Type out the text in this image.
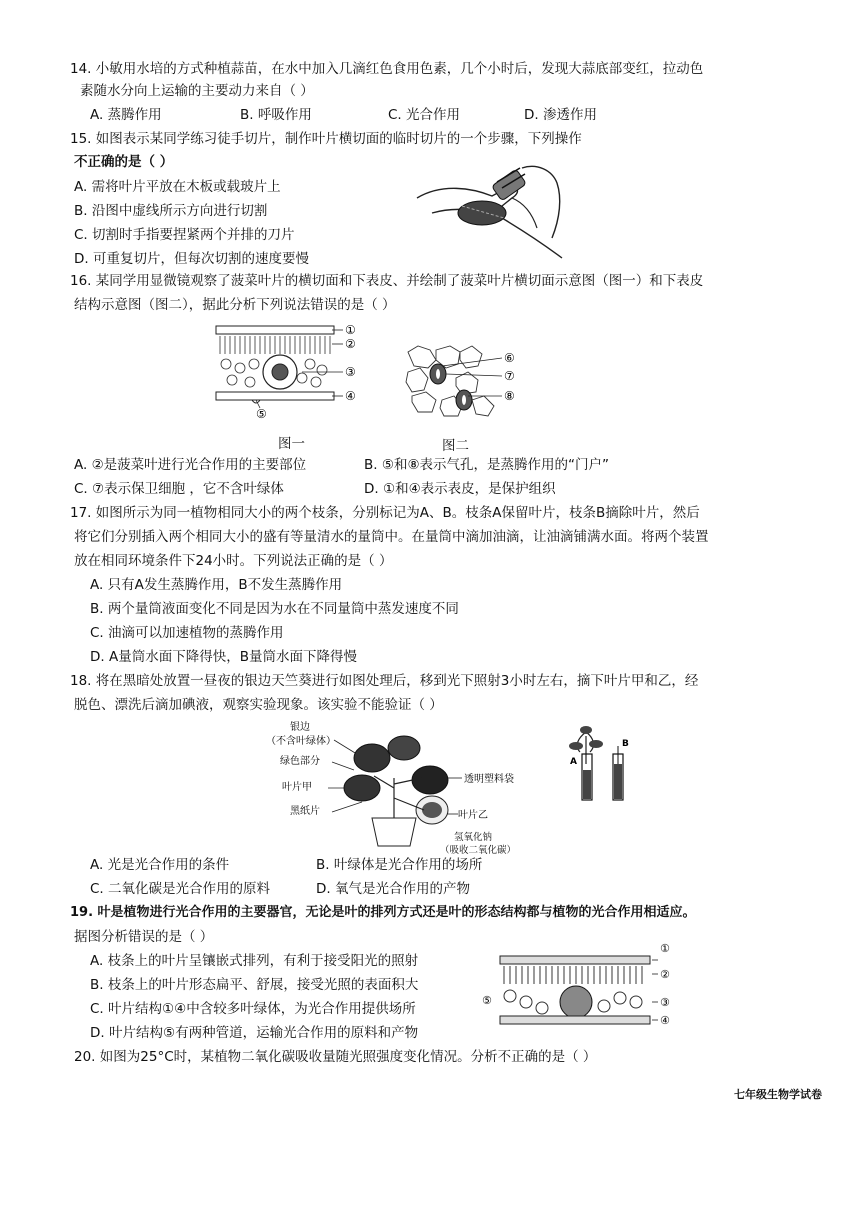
14. 小敏用水培的方式种植蒜苗，在水中加入几滴红色食用色素，几个小时后，发现大蒜底部变红，拉动色
素随水分向上运输的主要动力来自（ ）
A. 蒸腾作用	B. 呼吸作用	C. 光合作用	D. 渗透作用
15. 如图表示某同学练习徒手切片，制作叶片横切面的临时切片的一个步骤，下列操作
不正确的是（ ）
A. 需将叶片平放在木板或载玻片上
B. 沿图中虚线所示方向进行切割
C. 切割时手指要捏紧两个并排的刀片
D. 可重复切片，但每次切割的速度要慢
16. 某同学用显微镜观察了菠菜叶片的横切面和下表皮、并绘制了菠菜叶片横切面示意图（图一）和下表皮
结构示意图（图二），据此分析下列说法错误的是（ ）
①
②
③
④
⑤
图一
⑥
⑦
⑧
图二
A. ②是菠菜叶进行光合作用的主要部位	B. ⑤和⑧表示气孔，是蒸腾作用的“门户”
C. ⑦表示保卫细胞 ，它不含叶绿体	D. ①和④表示表皮，是保护组织
17. 如图所示为同一植物相同大小的两个枝条，分别标记为A、B。枝条A保留叶片，枝条B摘除叶片，然后
将它们分别插入两个相同大小的盛有等量清水的量筒中。在量筒中滴加油滴，让油滴铺满水面。将两个装置
放在相同环境条件下24小时。下列说法正确的是（ ）
A. 只有A发生蒸腾作用，B不发生蒸腾作用
B. 两个量筒液面变化不同是因为水在不同量筒中蒸发速度不同
C. 油滴可以加速植物的蒸腾作用
D. A量筒水面下降得快，B量筒水面下降得慢
18. 将在黑暗处放置一昼夜的银边天竺葵进行如图处理后，移到光下照射3小时左右，摘下叶片甲和乙，经
脱色、漂洗后滴加碘液，观察实验现象。该实验不能验证（ ）
银边
（不含叶绿体）
绿色部分
叶片甲
黑纸片
透明塑料袋
叶片乙
氢氧化钠
（吸收二氧化碳）
A
B
A. 光是光合作用的条件	B. 叶绿体是光合作用的场所
C. 二氧化碳是光合作用的原料	D. 氧气是光合作用的产物
19. 叶是植物进行光合作用的主要器官，无论是叶的排列方式还是叶的形态结构都与植物的光合作用相适应。
据图分析错误的是（ ）
A. 枝条上的叶片呈镶嵌式排列，有利于接受阳光的照射
B. 枝条上的叶片形态扁平、舒展，接受光照的表面积大
C. 叶片结构①④中含较多叶绿体，为光合作用提供场所
D. 叶片结构⑤有两种管道，运输光合作用的原料和产物
①
②
③
④
⑤
20. 如图为25°C时，某植物二氧化碳吸收量随光照强度变化情况。分析不正确的是（ ）
七年级生物学试卷
